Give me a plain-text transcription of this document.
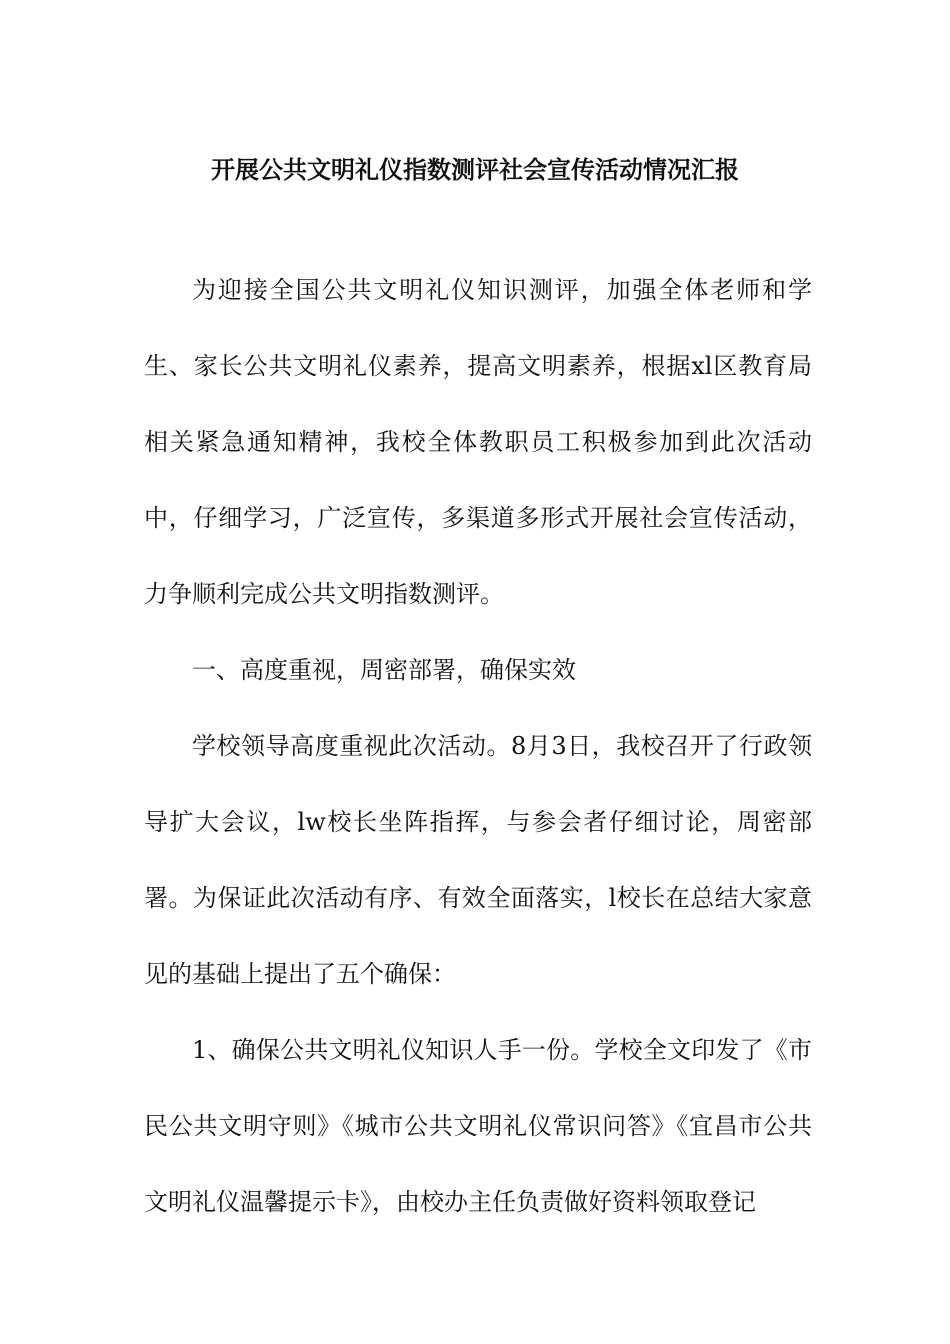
开展公共文明礼仪指数测评社会宣传活动情况汇报

为迎接全国公共文明礼仪知识测评，加强全体老师和学生、家长公共文明礼仪素养，提高文明素养，根据xl区教育局相关紧急通知精神，我校全体教职员工积极参加到此次活动中，仔细学习，广泛宣传，多渠道多形式开展社会宣传活动，力争顺利完成公共文明指数测评。

一、高度重视，周密部署，确保实效

学校领导高度重视此次活动。8月3日，我校召开了行政领导扩大会议，lw校长坐阵指挥，与参会者仔细讨论，周密部署。为保证此次活动有序、有效全面落实，l校长在总结大家意见的基础上提出了五个确保：

1、确保公共文明礼仪知识人手一份。学校全文印发了《市民公共文明守则》《城市公共文明礼仪常识问答》《宜昌市公共文明礼仪温馨提示卡》，由校办主任负责做好资料领取登记
